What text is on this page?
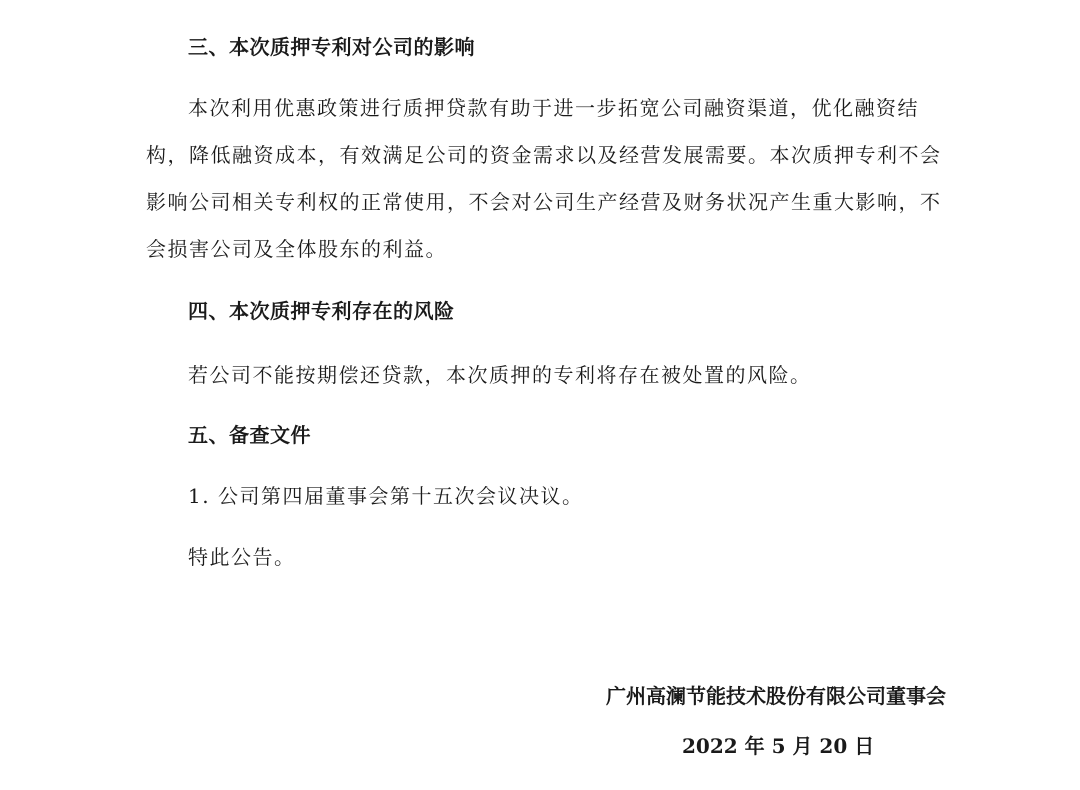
三、本次质押专利对公司的影响
本次利用优惠政策进行质押贷款有助于进一步拓宽公司融资渠道，优化融资结
构，降低融资成本，有效满足公司的资金需求以及经营发展需要。本次质押专利不会
影响公司相关专利权的正常使用，不会对公司生产经营及财务状况产生重大影响，不
会损害公司及全体股东的利益。
四、本次质押专利存在的风险
若公司不能按期偿还贷款，本次质押的专利将存在被处置的风险。
五、备查文件
1. 公司第四届董事会第十五次会议决议。
特此公告。
广州高澜节能技术股份有限公司董事会
2022 年 5 月 20 日
